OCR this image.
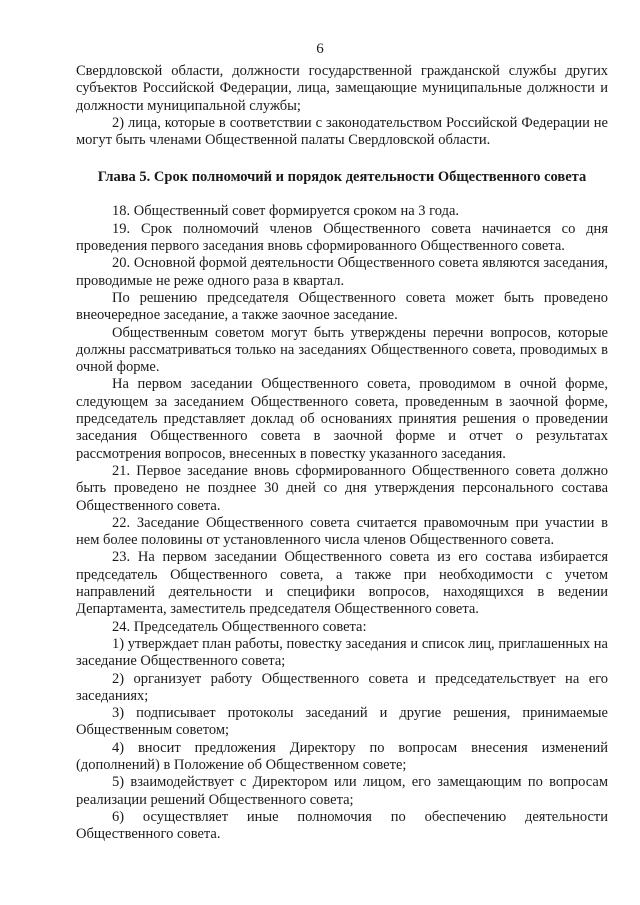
6

Свердловской области, должности государственной гражданской службы других субъектов Российской Федерации, лица, замещающие муниципальные должности и должности муниципальной службы;

2) лица, которые в соответствии с законодательством Российской Федерации не могут быть членами Общественной палаты Свердловской области.

Глава 5. Срок полномочий и порядок деятельности Общественного совета

18. Общественный совет формируется сроком на 3 года.

19. Срок полномочий членов Общественного совета начинается со дня проведения первого заседания вновь сформированного Общественного совета.

20. Основной формой деятельности Общественного совета являются заседания, проводимые не реже одного раза в квартал.

По решению председателя Общественного совета может быть проведено внеочередное заседание, а также заочное заседание.

Общественным советом могут быть утверждены перечни вопросов, которые должны рассматриваться только на заседаниях Общественного совета, проводимых в очной форме.

На первом заседании Общественного совета, проводимом в очной форме, следующем за заседанием Общественного совета, проведенным в заочной форме, председатель представляет доклад об основаниях принятия решения о проведении заседания Общественного совета в заочной форме и отчет о результатах рассмотрения вопросов, внесенных в повестку указанного заседания.

21. Первое заседание вновь сформированного Общественного совета должно быть проведено не позднее 30 дней со дня утверждения персонального состава Общественного совета.

22. Заседание Общественного совета считается правомочным при участии в нем более половины от установленного числа членов Общественного совета.

23. На первом заседании Общественного совета из его состава избирается председатель Общественного совета, а также при необходимости с учетом направлений деятельности и специфики вопросов, находящихся в ведении Департамента, заместитель председателя Общественного совета.

24. Председатель Общественного совета:

1) утверждает план работы, повестку заседания и список лиц, приглашенных на заседание Общественного совета;

2) организует работу Общественного совета и председательствует на его заседаниях;

3) подписывает протоколы заседаний и другие решения, принимаемые Общественным советом;

4) вносит предложения Директору по вопросам внесения изменений (дополнений) в Положение об Общественном совете;

5) взаимодействует с Директором или лицом, его замещающим по вопросам реализации решений Общественного совета;

6) осуществляет иные полномочия по обеспечению деятельности Общественного совета.
